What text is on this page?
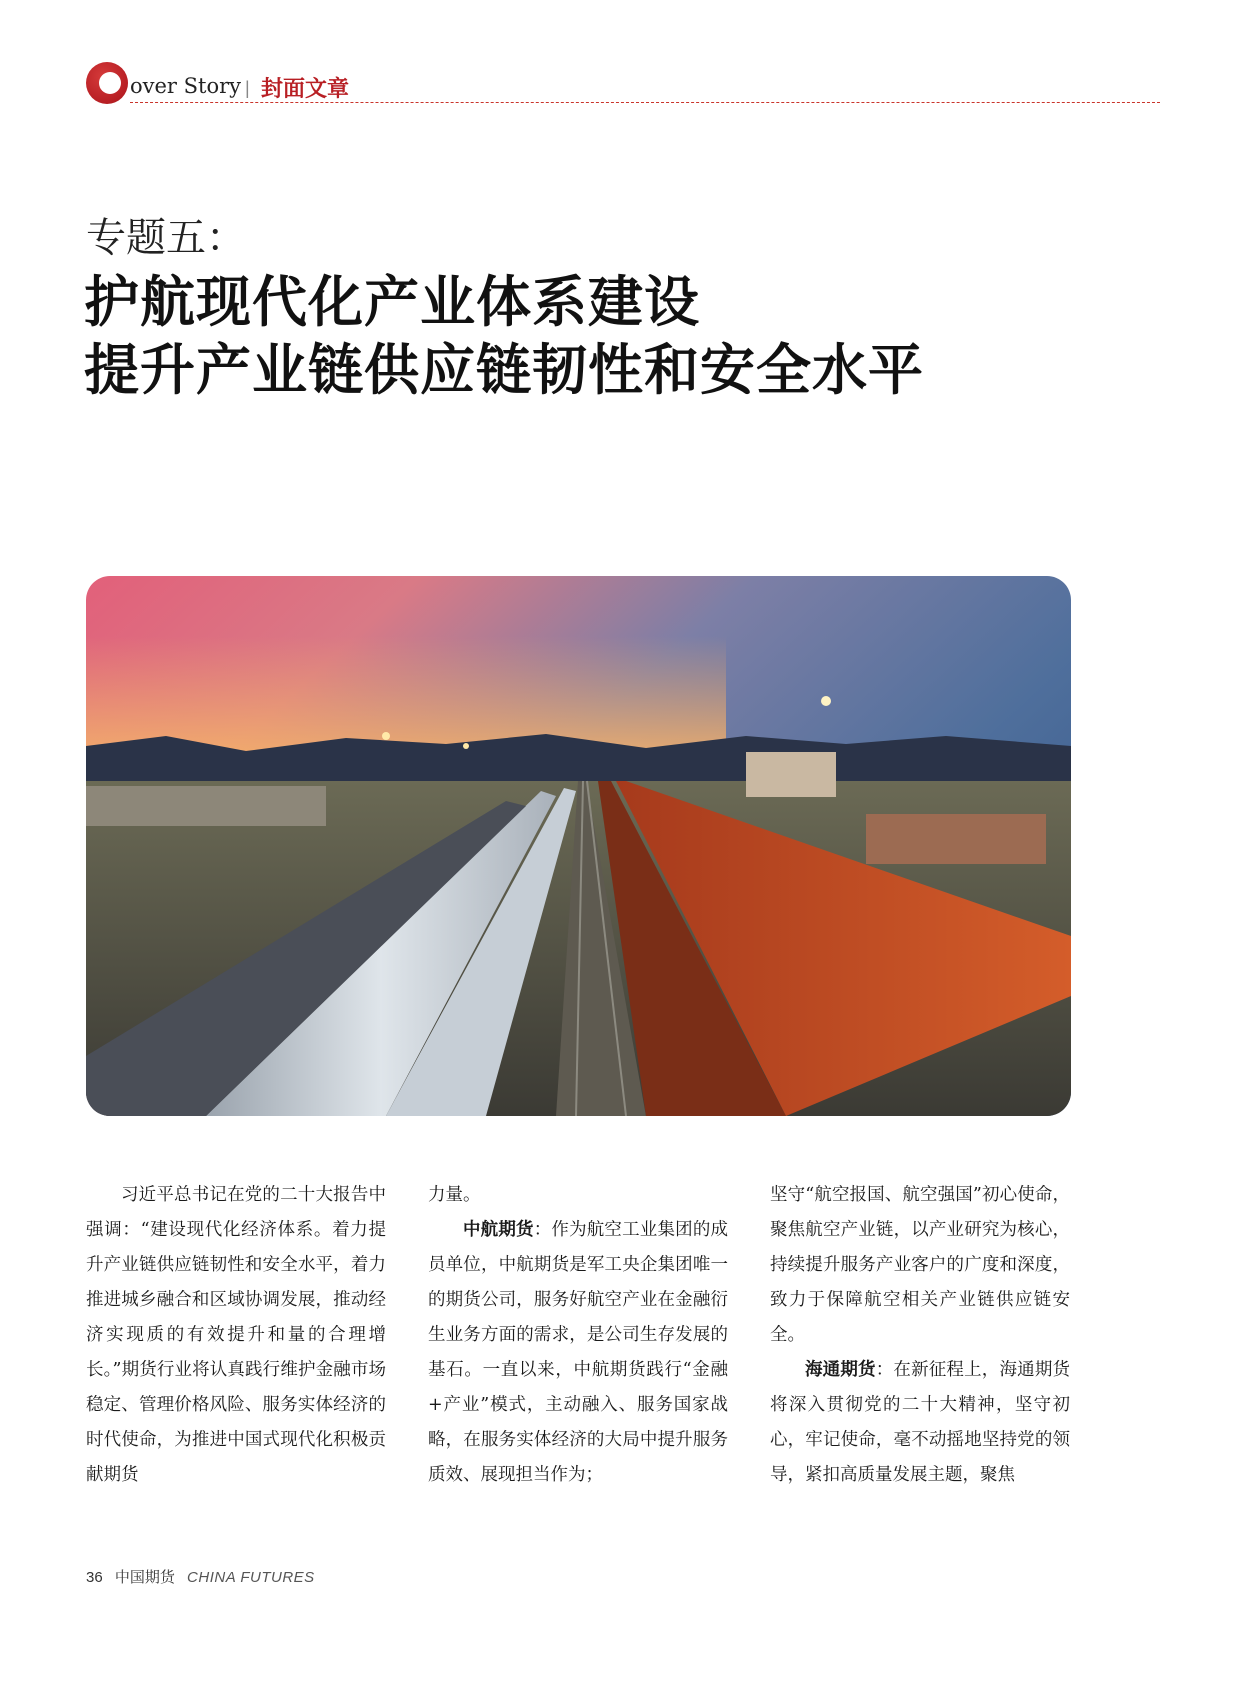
over Story | 封面文章
专题五：
护航现代化产业体系建设
提升产业链供应链韧性和安全水平

习近平总书记在党的二十大报告中强调：“建设现代化经济体系。着力提升产业链供应链韧性和安全水平，着力推进城乡融合和区域协调发展，推动经济实现质的有效提升和量的合理增长。”期货行业将认真践行维护金融市场稳定、管理价格风险、服务实体经济的时代使命，为推进中国式现代化积极贡献期货

力量。

中航期货：作为航空工业集团的成员单位，中航期货是军工央企集团唯一的期货公司，服务好航空产业在金融衍生业务方面的需求，是公司生存发展的基石。一直以来，中航期货践行“金融+产业”模式，主动融入、服务国家战略，在服务实体经济的大局中提升服务质效、展现担当作为；

坚守“航空报国、航空强国”初心使命，聚焦航空产业链，以产业研究为核心，持续提升服务产业客户的广度和深度，致力于保障航空相关产业链供应链安全。

海通期货：在新征程上，海通期货将深入贯彻党的二十大精神，坚守初心，牢记使命，毫不动摇地坚持党的领导，紧扣高质量发展主题，聚焦

36 中国期货 CHINA FUTURES
